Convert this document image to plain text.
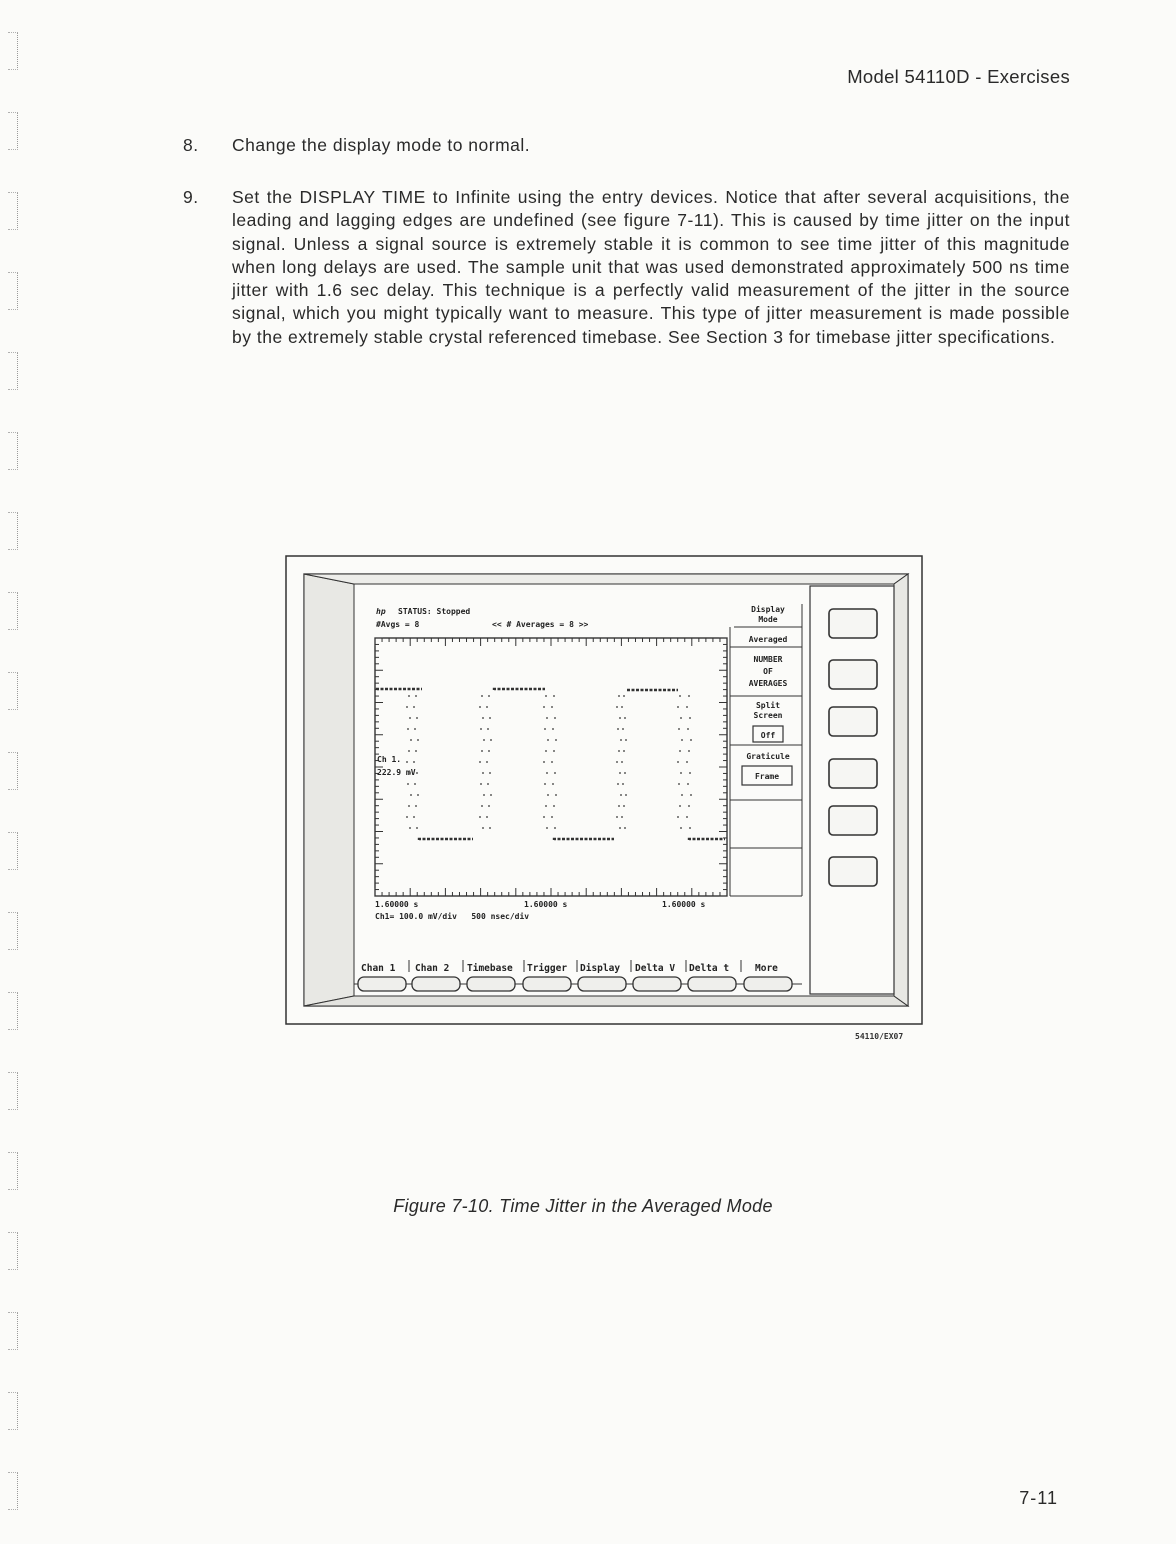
Model 54110D - Exercises
8. Change the display mode to normal.
9. Set the DISPLAY TIME to Infinite using the entry devices. Notice that after several acquisitions, the leading and lagging edges are undefined (see figure 7-11). This is caused by time jitter on the input signal. Unless a signal source is extremely stable it is common to see time jitter of this magnitude when long delays are used. The sample unit that was used demonstrated approximately 500 ns time jitter with 1.6 sec delay. This technique is a perfectly valid measurement of the jitter in the source signal, which you might typically want to measure. This type of jitter measurement is made possible by the extremely stable crystal referenced timebase. See Section 3 for timebase jitter specifications.
hp STATUS: Stopped
#Avgs = 8	<< # Averages = 8 >>
Ch 1.
222.9 mV
1.60000 s	1.60000 s	1.60000 s
Ch1= 100.0 mV/div   500 nsec/div
Display
Mode
Averaged
NUMBER
OF
AVERAGES
Split
Screen
Off
Graticule
Frame
Chan 1 Chan 2 Timebase Trigger Display Delta V Delta t	More
54110/EX07
Figure 7-10. Time Jitter in the Averaged Mode
7-11
